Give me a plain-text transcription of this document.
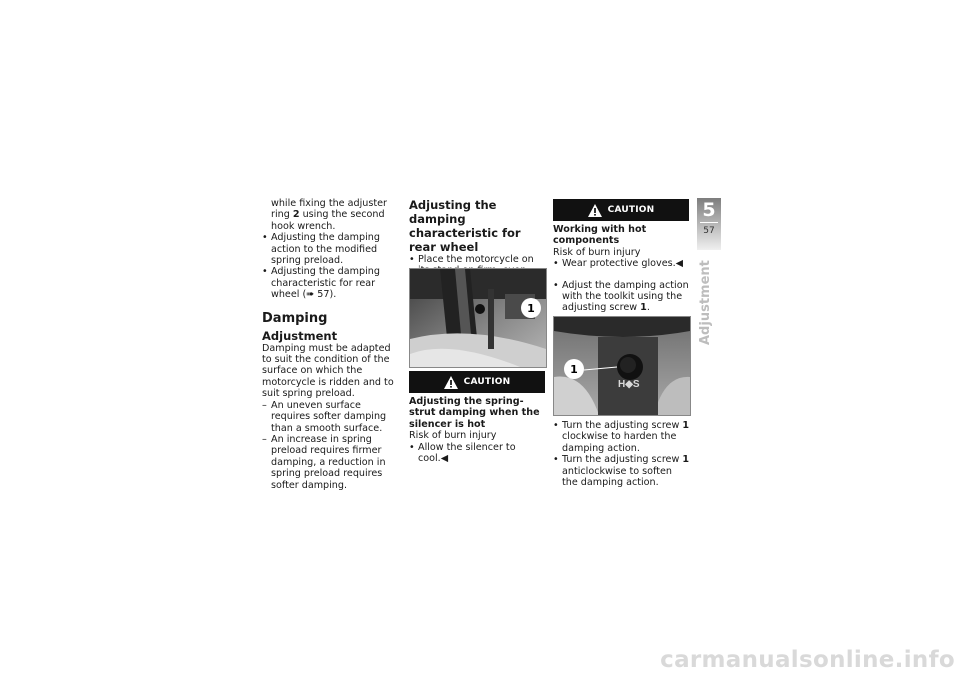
while fixing the adjuster ring 2 using the second hook wrench.

• Adjusting the damping action to the modified spring preload.

• Adjusting the damping characteristic for rear wheel (➠ 57).

Damping

Adjustment

Damping must be adapted to suit the condition of the surface on which the motorcycle is ridden and to suit spring preload.

– An uneven surface requires softer damping than a smooth surface.

– An increase in spring preload requires firmer damping, a reduction in spring preload requires softer damping.

Adjusting the damping characteristic for rear wheel

• Place the motorcycle on

1
CAUTION

Adjusting the spring-strut damping when the silencer is hot

Risk of burn injury

• Allow the silencer to cool.◀

CAUTION

Working with hot components

Risk of burn injury

• Wear protective gloves.◀

• Adjust the damping action with the toolkit using the adjusting screw 1.

H◆S
1

• Turn the adjusting screw 1 clockwise to harden the damping action.

• Turn the adjusting screw 1 anticlockwise to soften the damping action.

5
57
Adjustment
carmanualsonline.info
